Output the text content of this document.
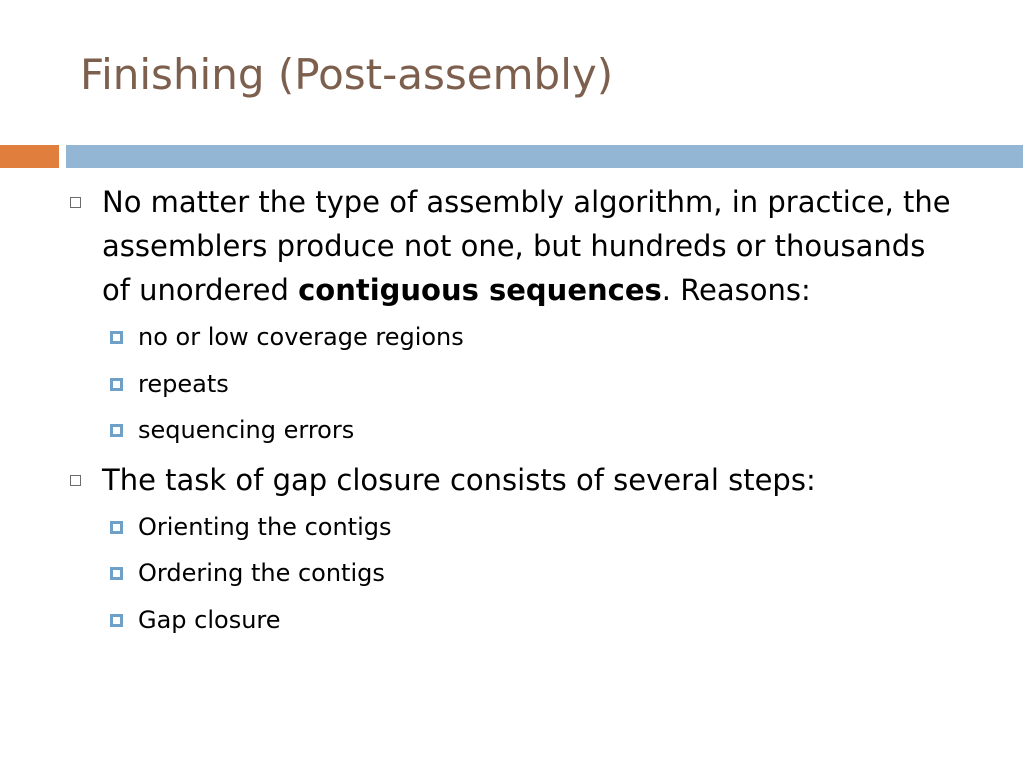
Finishing (Post-assembly)
No matter the type of assembly algorithm, in practice, the assemblers produce not one, but hundreds or thousands of unordered contiguous sequences. Reasons:
no or low coverage regions
repeats
sequencing errors
The task of gap closure consists of several steps:
Orienting the contigs
Ordering the contigs
Gap closure
